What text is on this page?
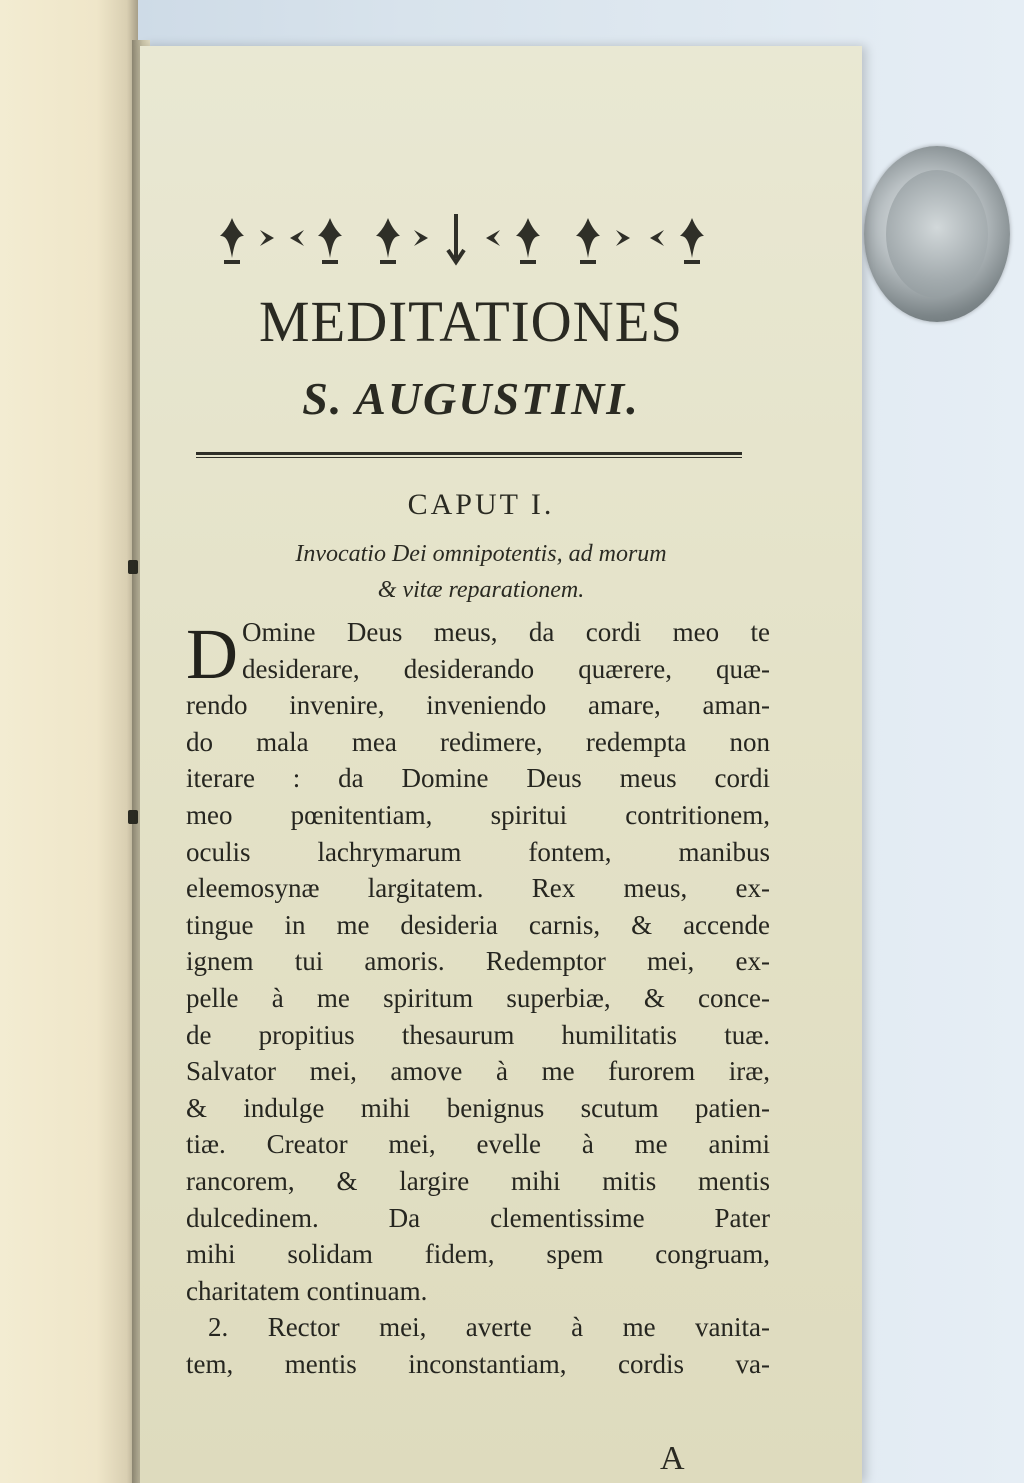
MEDITATIONES
S. AUGUSTINI.
CAPUT I.
Invocatio Dei omnipotentis, ad morum
& vitæ reparationem.
D Omine Deus meus, da cordi meo te
desiderare, desiderando quærere, quæ-
rendo invenire, inveniendo amare, aman-
do mala mea redimere, redempta non
iterare : da Domine Deus meus cordi
meo pœnitentiam, spiritui contritionem,
oculis lachrymarum fontem, manibus
eleemosynæ largitatem. Rex meus, ex-
tingue in me desideria carnis, & accende
ignem tui amoris. Redemptor mei, ex-
pelle à me spiritum superbiæ, & conce-
de propitius thesaurum humilitatis tuæ.
Salvator mei, amove à me furorem iræ,
& indulge mihi benignus scutum patien-
tiæ. Creator mei, evelle à me animi
rancorem, & largire mihi mitis mentis
dulcedinem. Da clementissime Pater
mihi solidam fidem, spem congruam,
charitatem continuam.
2. Rector mei, averte à me vanita-
tem, mentis inconstantiam, cordis va-
A
